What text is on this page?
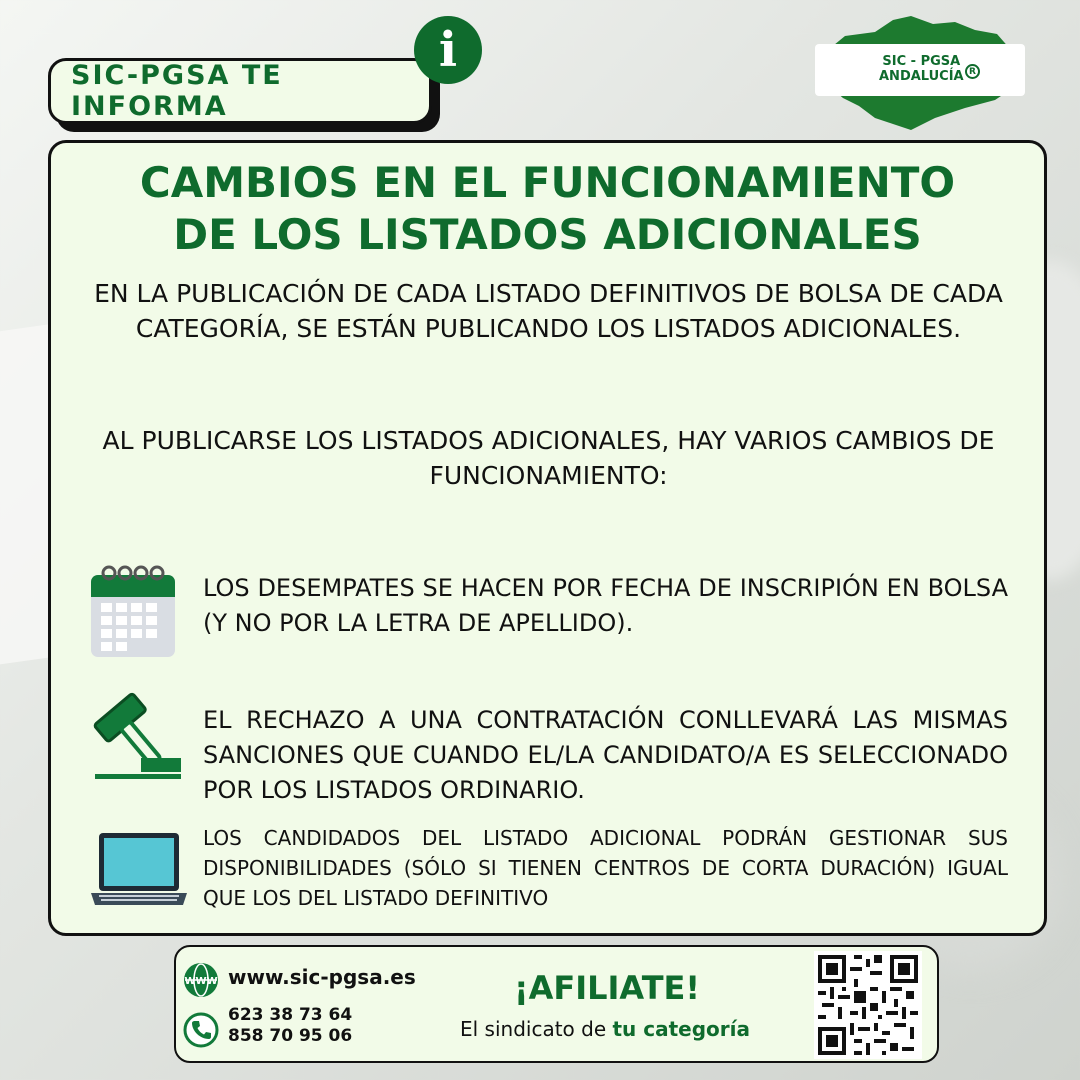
SIC-PGSA TE INFORMA
i	SINDICATO INDEPENDIENTE DE CELADORES Y PERSONAL DE GESTIÓN Y SERVICIOS DE ANDALUCÍA
SIC - PGSA
ANDALUCÍA R
CAMBIOS EN EL FUNCIONAMIENTO
DE LOS LISTADOS ADICIONALES
EN LA PUBLICACIÓN DE CADA LISTADO DEFINITIVOS DE BOLSA DE CADA CATEGORÍA, SE ESTÁN PUBLICANDO LOS LISTADOS ADICIONALES.
AL PUBLICARSE LOS LISTADOS ADICIONALES, HAY VARIOS CAMBIOS DE FUNCIONAMIENTO:
LOS DESEMPATES SE HACEN POR FECHA DE INSCRIPIÓN EN BOLSA (Y NO POR LA LETRA DE APELLIDO).
EL RECHAZO A UNA CONTRATACIÓN CONLLEVARÁ LAS MISMAS SANCIONES QUE CUANDO EL/LA CANDIDATO/A ES SELECCIONADO POR LOS LISTADOS ORDINARIO.
LOS CANDIDADOS DEL LISTADO ADICIONAL PODRÁN GESTIONAR SUS DISPONIBILIDADES (SÓLO SI TIENEN CENTROS DE CORTA DURACIÓN) IGUAL QUE LOS DEL LISTADO DEFINITIVO
WWW www.sic-pgsa.es
623 38 73 64
858 70 95 06
¡AFILIATE!
El sindicato de tu categoría
